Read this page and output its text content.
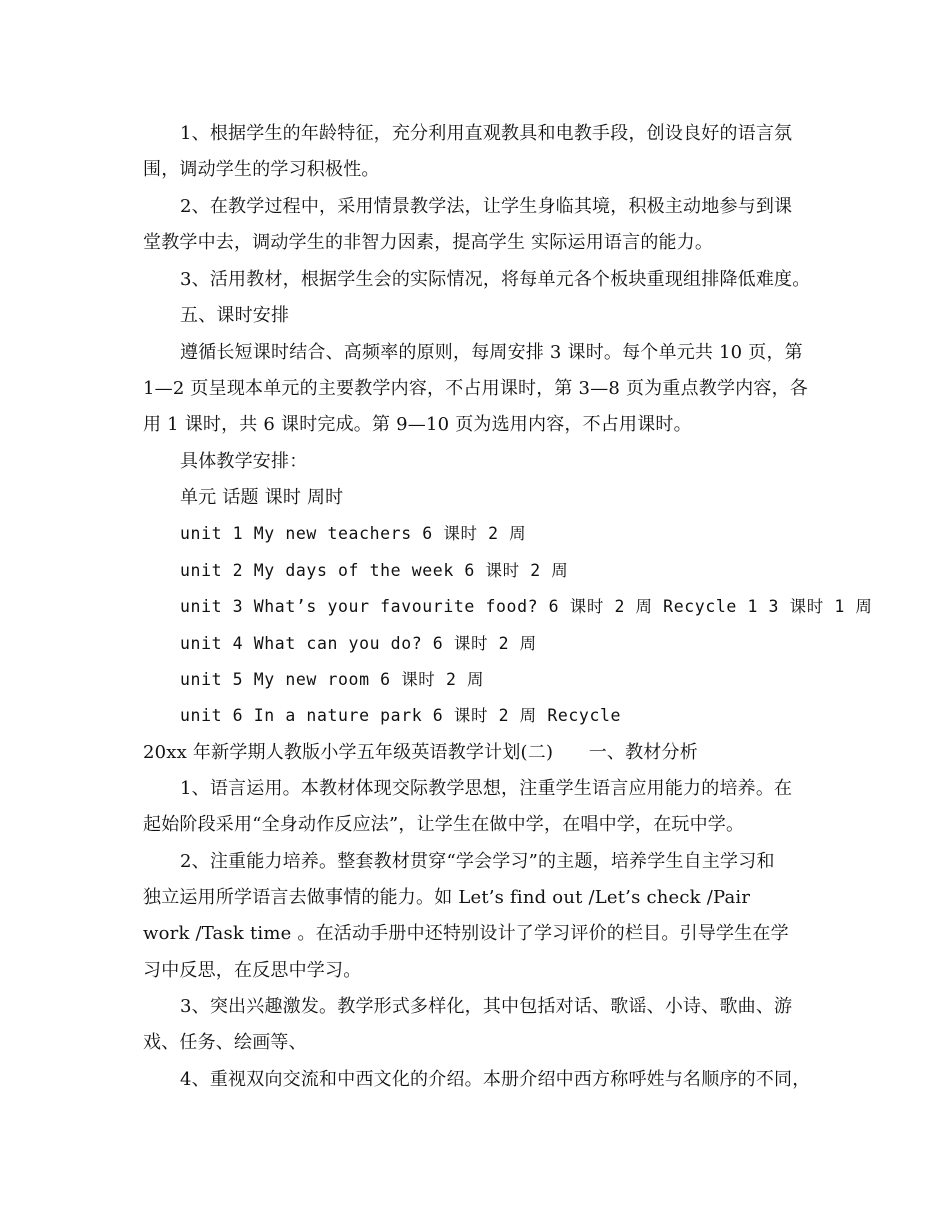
1、根据学生的年龄特征，充分利用直观教具和电教手段，创设良好的语言氛
围，调动学生的学习积极性。
2、在教学过程中，采用情景教学法，让学生身临其境，积极主动地参与到课
堂教学中去，调动学生的非智力因素，提高学生 实际运用语言的能力。
3、活用教材，根据学生会的实际情况，将每单元各个板块重现组排降低难度。
五、课时安排
遵循长短课时结合、高频率的原则，每周安排 3 课时。每个单元共 10 页，第
1—2 页呈现本单元的主要教学内容，不占用课时，第 3—8 页为重点教学内容，各
用 1 课时，共 6 课时完成。第 9—10 页为选用内容，不占用课时。
具体教学安排：
单元 话题 课时 周时
unit 1 My new teachers 6 课时 2 周
unit 2 My days of the week 6 课时 2 周
unit 3 What’s your favourite food? 6 课时 2 周 Recycle 1 3 课时 1 周
unit 4 What can you do? 6 课时 2 周
unit 5 My new room 6 课时 2 周
unit 6 In a nature park 6 课时 2 周 Recycle
20xx 年新学期人教版小学五年级英语教学计划(二)      一、教材分析
1、语言运用。本教材体现交际教学思想，注重学生语言应用能力的培养。在
起始阶段采用“全身动作反应法”，让学生在做中学，在唱中学，在玩中学。
2、注重能力培养。整套教材贯穿“学会学习”的主题，培养学生自主学习和
独立运用所学语言去做事情的能力。如 Let’s find out /Let’s check /Pair
work /Task time 。在活动手册中还特别设计了学习评价的栏目。引导学生在学
习中反思，在反思中学习。
3、突出兴趣激发。教学形式多样化，其中包括对话、歌谣、小诗、歌曲、游
戏、任务、绘画等、
4、重视双向交流和中西文化的介绍。本册介绍中西方称呼姓与名顺序的不同，
